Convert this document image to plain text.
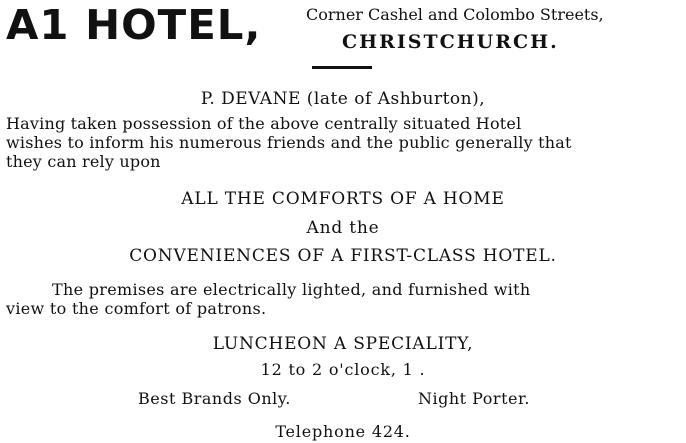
A1 HOTEL,	Corner Cashel and Colombo Streets,
CHRISTCHURCH.
P. DEVANE (late of Ashburton),
Having taken possession of the above centrally situated Hotel
wishes to inform his numerous friends and the public generally that
they can rely upon
ALL THE COMFORTS OF A HOME
And the
CONVENIENCES OF A FIRST-CLASS HOTEL.
The premises are electrically lighted, and furnished with
view to the comfort of patrons.
LUNCHEON A SPECIALITY,
12 to 2 o'clock, 1 .
Best Brands Only.	Night Porter.
Telephone 424.
